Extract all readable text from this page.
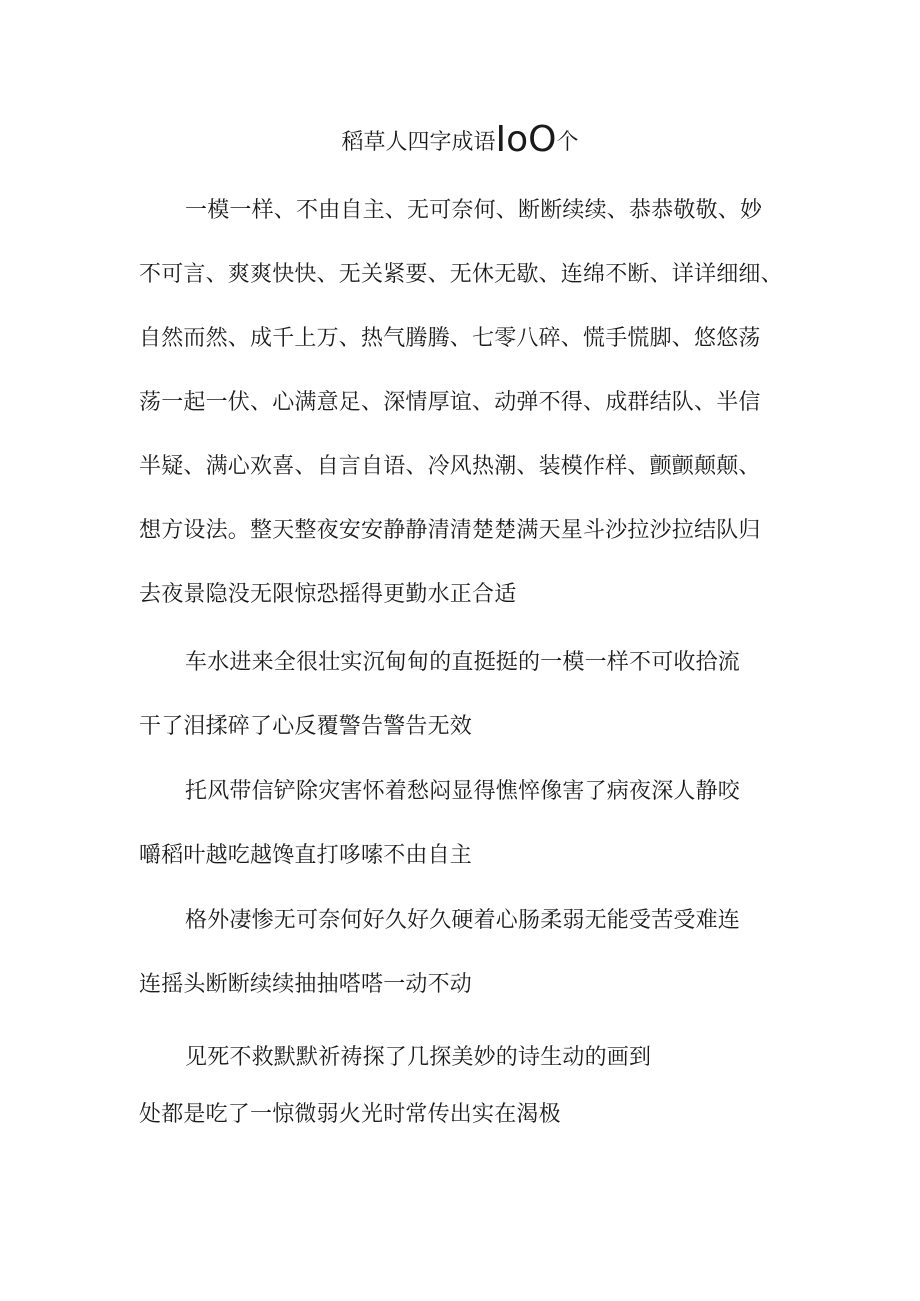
稻草人四字成语IoO个

一模一样、不由自主、无可奈何、断断续续、恭恭敬敬、妙
不可言、爽爽快快、无关紧要、无休无歇、连绵不断、详详细细、
自然而然、成千上万、热气腾腾、七零八碎、慌手慌脚、悠悠荡
荡一起一伏、心满意足、深情厚谊、动弹不得、成群结队、半信
半疑、满心欢喜、自言自语、冷风热潮、装模作样、颤颤颠颠、
想方设法。整天整夜安安静静清清楚楚满天星斗沙拉沙拉结队归
去夜景隐没无限惊恐摇得更勤水正合适

车水进来全很壮实沉甸甸的直挺挺的一模一样不可收拾流
干了泪揉碎了心反覆警告警告无效

托风带信铲除灾害怀着愁闷显得憔悴像害了病夜深人静咬
嚼稻叶越吃越馋直打哆嗦不由自主

格外凄惨无可奈何好久好久硬着心肠柔弱无能受苦受难连
连摇头断断续续抽抽嗒嗒一动不动

见死不救默默祈祷探了几探美妙的诗生动的画到
处都是吃了一惊微弱火光时常传出实在渴极
